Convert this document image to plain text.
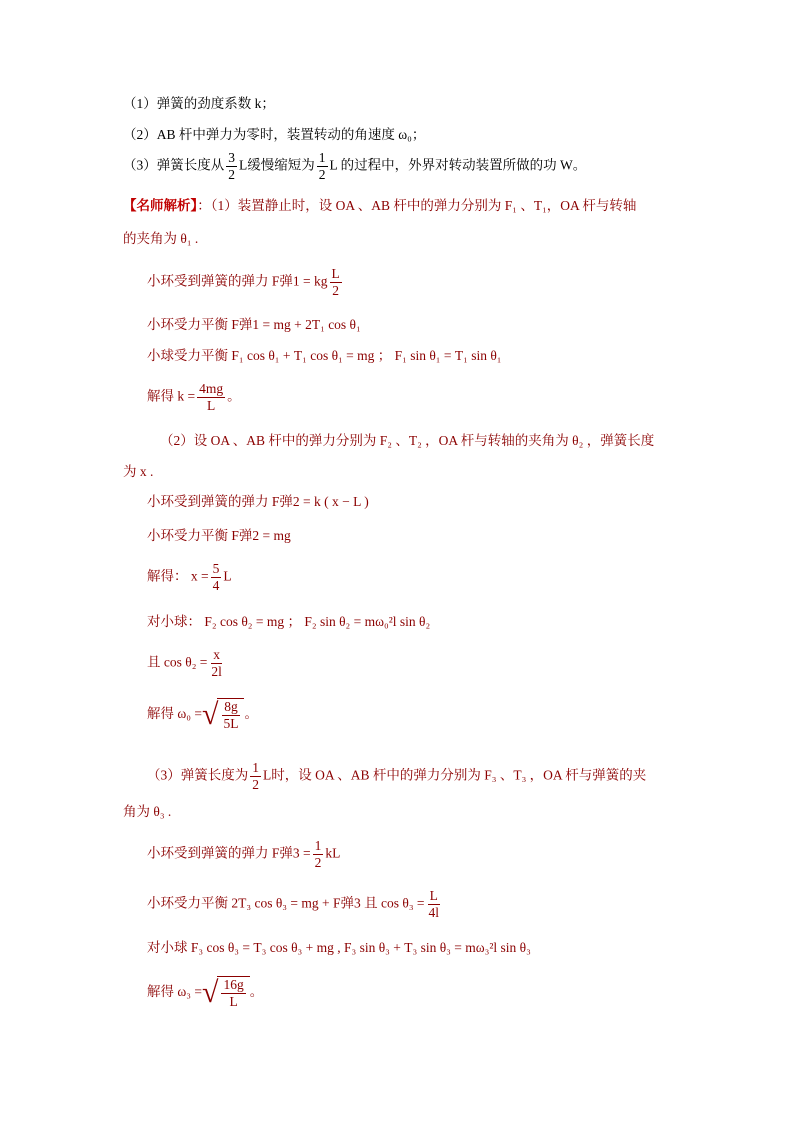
（1）弹簧的劲度系数 k；
（2）AB 杆中弹力为零时，装置转动的角速度 ω₀；
（3）弹簧长度从 $\frac{3}{2}$ L缓慢缩短为 $\frac{1}{2}$ L 的过程中，外界对转动装置所做的功 W。
【名师解析】：（1）装置静止时，设 OA 、AB 杆中的弹力分别为 F₁ 、T₁，OA 杆与转轴
的夹角为 θ₁ .
小环受到弹簧的弹力 F弹1 = kg $\frac{L}{2}$
小环受力平衡 F弹1 = mg + 2T₁ cos θ₁
小球受力平衡 F₁ cos θ₁ + T₁ cos θ₁ = mg ； F₁ sin θ₁ = T₁ sin θ₁
解得 $k = \frac{4mg}{L}$ 。
（2）设 OA 、AB 杆中的弹力分别为 F₂ 、T₂ ，OA 杆与转轴的夹角为 θ₂ ，弹簧长度
为 x .
小环受到弹簧的弹力 F弹2 = k ( x − L )
小环受力平衡 F弹2 = mg
解得： $x = \frac{5}{4}$ L
对小球： F₂ cos θ₂ = mg ； F₂ sin θ₂ = mω₀²l sin θ₂
且 $\cos \theta_2 = \frac{x}{2l}$
解得 ω₀ = √ $\frac{8g}{5L}$ 。
（3）弹簧长度为 $\frac{1}{2}$ L时，设 OA 、AB 杆中的弹力分别为 F₃ 、T₃ ，OA 杆与弹簧的夹
角为 θ₃ .
小环受到弹簧的弹力 F弹$3 = \frac{1}{2}$ kL
小环受力平衡 2T₃ cos θ₃ = mg + F弹3 且 $\cos \theta_3 = \frac{L}{4l}$
对小球 F₃ cos θ₃ = T₃ cos θ₃ + mg , F₃ sin θ₃ + T₃ sin θ₃ = mω₃²l sin θ₃
解得 ω₃ = √ $\frac{16g}{L}$ 。
